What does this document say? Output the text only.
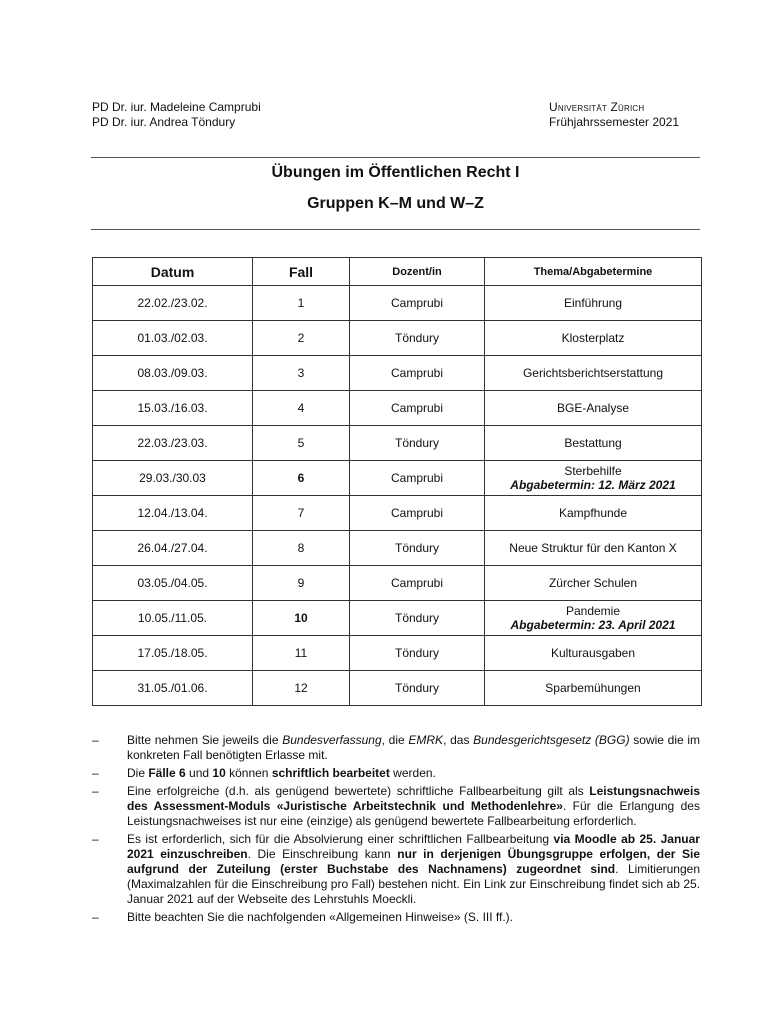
PD Dr. iur. Madeleine Camprubi
PD Dr. iur. Andrea Töndury
Universität Zürich
Frühjahrssemester 2021
Übungen im Öffentlichen Recht I
Gruppen K–M und W–Z
Datum	Fall	Dozent/in	Thema/Abgabetermine
22.02./23.02.	1	Camprubi	Einführung
01.03./02.03.	2	Töndury	Klosterplatz
08.03./09.03.	3	Camprubi	Gerichtsberichtserstattung
15.03./16.03.	4	Camprubi	BGE-Analyse
22.03./23.03.	5	Töndury	Bestattung
29.03./30.03	6	Camprubi	Sterbehilfe
Abgabetermin: 12. März 2021

12.04./13.04.	7	Camprubi	Kampfhunde
26.04./27.04.	8	Töndury	Neue Struktur für den Kanton X
03.05./04.05.	9	Camprubi	Zürcher Schulen
10.05./11.05.	10	Töndury	Pandemie
Abgabetermin: 23. April 2021

17.05./18.05.	11	Töndury	Kulturausgaben
31.05./01.06.	12	Töndury	Sparbemühungen
– Bitte nehmen Sie jeweils die Bundesverfassung, die EMRK, das Bundesgerichtsgesetz (BGG) sowie die im konkreten Fall benötigten Erlasse mit.
– Die Fälle 6 und 10 können schriftlich bearbeitet werden.
– Eine erfolgreiche (d.h. als genügend bewertete) schriftliche Fallbearbeitung gilt als Leistungsnachweis des Assessment-Moduls «Juristische Arbeitstechnik und Methodenlehre». Für die Erlangung des Leistungsnachweises ist nur eine (einzige) als genügend bewertete Fallbearbeitung erforderlich.
– Es ist erforderlich, sich für die Absolvierung einer schriftlichen Fallbearbeitung via Moodle ab 25. Januar 2021 einzuschreiben. Die Einschreibung kann nur in derjenigen Übungsgruppe erfolgen, der Sie aufgrund der Zuteilung (erster Buchstabe des Nachnamens) zugeordnet sind. Limitierungen (Maximalzahlen für die Einschreibung pro Fall) bestehen nicht. Ein Link zur Einschreibung findet sich ab 25. Januar 2021 auf der Webseite des Lehrstuhls Moeckli.
– Bitte beachten Sie die nachfolgenden «Allgemeinen Hinweise» (S. III ff.).
